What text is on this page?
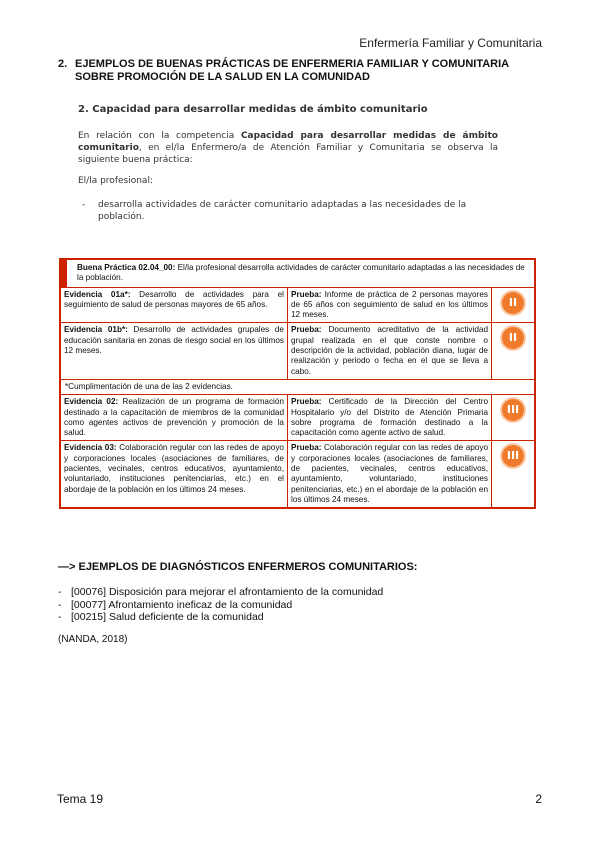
Enfermería Familiar y Comunitaria
2. EJEMPLOS DE BUENAS PRÁCTICAS DE ENFERMERIA FAMILIAR Y COMUNITARIA SOBRE PROMOCIÓN DE LA SALUD EN LA COMUNIDAD
2. Capacidad para desarrollar medidas de ámbito comunitario

En relación con la competencia Capacidad para desarrollar medidas de ámbito comunitario, en el/la Enfermero/a de Atención Familiar y Comunitaria se observa la siguiente buena práctica:

El/la profesional:

- desarrolla actividades de carácter comunitario adaptadas a las necesidades de la población.
Buena Práctica 02.04_00: El/la profesional desarrolla actividades de carácter comunitario adaptadas a las necesidades de la población.
Evidencia 01a*: Desarrollo de actividades para el seguimiento de salud de personas mayores de 65 años.
Prueba: Informe de práctica de 2 personas mayores de 65 años con seguimiento de salud en los últimos 12 meses.
II
Evidencia 01b*: Desarrollo de actividades grupales de educación sanitaria en zonas de riesgo social en los últimos 12 meses.
Prueba: Documento acreditativo de la actividad grupal realizada en el que conste nombre o descripción de la actividad, población diana, lugar de realización y periodo o fecha en el que se lleva a cabo.
II
*Cumplimentación de una de las 2 evidencias.
Evidencia 02: Realización de un programa de formación destinado a la capacitación de miembros de la comunidad como agentes activos de prevención y promoción de la salud.
Prueba: Certificado de la Dirección del Centro Hospitalario y/o del Distrito de Atención Primaria sobre programa de formación destinado a la capacitación como agente activo de salud.
III
Evidencia 03: Colaboración regular con las redes de apoyo y corporaciones locales (asociaciones de familiares, de pacientes, vecinales, centros educativos, ayuntamiento, voluntariado, instituciones penitenciarias, etc.) en el abordaje de la población en los últimos 24 meses.
Prueba: Colaboración regular con las redes de apoyo y corporaciones locales (asociaciones de familiares, de pacientes, vecinales, centros educativos, ayuntamiento, voluntariado, instituciones penitenciarias, etc.) en el abordaje de la población en los últimos 24 meses.
III
—> EJEMPLOS DE DIAGNÓSTICOS ENFERMEROS COMUNITARIOS:
- [00076] Disposición para mejorar el afrontamiento de la comunidad
- [00077] Afrontamiento ineficaz de la comunidad
- [00215] Salud deficiente de la comunidad
(NANDA, 2018)
Tema 19	2
